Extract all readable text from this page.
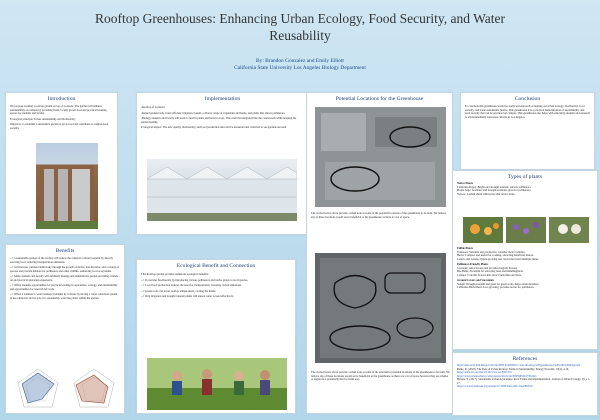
Rooftop Greenhouses: Enhancing Urban Ecology, Food Security, and Water
Reusability
By: Brandon Gonzalez and Emily Elliott
California State University Los Angeles Biology Department
Introduction

We propose creating a rooftop garden on top of La Kretz. The garden will enhance sustainability on campus by providing fresh, locally grown food and practical learning spaces for students and faculty.

Ecological principle: Urban sustainability and biodiversity

Objective: to establish a sustainable garden to grow food and contribute to campus food security.

Implementation

-Rooftop of La Kretz

-Raised garden beds, water-efficient irrigation system, a diverse range of vegetables and herbs, and plants that attract pollinators.

-Biology students and faculty will work to lead in plants and harvest crops. This could be integrated into the coursework while keeping the garden healthy.

Ecological impact: The new quality, biodiversity, and food production data will be measured and collected to see gardens succeed.

Potential Locations for the Greenhouse
The circled boxes above provide a small look at some of the potential locations of the greenhouse to be built. We believe any of these locations would serve beneficial to the greenhouse as there is a lot of space.
The circled boxes above provide a small look at some of the alternative potential locations of the greenhouse to be built. We believe any of these locations would serve beneficial to the greenhouse as there are a lot of space however they are smaller or angled in a potentially hard to build way.
Conclusion
To conclude this greenhouse would be really in items such as helping our urban ecology, biodiversity, food security, and water-sustainable justice. This greenhouse it is a practical demonstration of sustainability and food security that can be practiced on campus. This greenhouse also helps with educating students and outreach to environmentally conscious citizens in Los Angeles.
Types of plants
Native Plants
California Poppy: Bright and drought-tolerant, attracts pollinators.
Purple Sage: Aromatic and drought-resistant, great for pollinators.
Yarrow: A small shrub with leaves that attract birds.
Edible Plants
Tomatoes: Versatile and productive, consider dwarf varieties.
Herbs: Compact and useful for cooking, attracting beneficial insects.
Lettuce and Greens: Quick-growing and can be harvested multiple times.
Pollinator-Friendly Plants
Lavender: Attracts bees and provides fragrant flowers.
Bee Balm: Excellent for attracting bees and hummingbirds.
Cosmos: Colorful flowers that attract butterflies and bees.
Ground Covers and Succulents
Sedum: Drought-tolerant and great for green roofs, helps retain moisture.
California Buckwheat: Low-growing, provides nectar for pollinators.
Benefits

--> a sustainable garden on the rooftop will reduce the campus's carbon footprint by directly sourcing food, reducing transportation emissions.

--> will increase campus biodiversity through the growth of native, non-invasive, and a variety of species and provide habitats for pollinators and other wildlife, enhancing local ecosystems.

--> Many students and faculty will definitely manage and maintain the garden providing a hands-on and practical education experience.

--> Offers students opportunities for practical learning in agriculture, ecology, and sustainability and opportunities for research lab work.

--> Offers a solution to water leakage problems in La Kretz by having a water collection system to use rainwater and recycle it to sustainably water the plants within the garden.

Ecological Benefit and Connection

This Rooftop garden provides numerous ecological benefits:

--> It provides biodiversity by introducing various pollinators and native plants to local species.

--> Local food production reduces the need for transportation, lowering carbon emissions.

--> Green roofs can lower rooftop temperatures, cooling the inside.

--> Drip irrigation and drought tolerant plants will ensure water is used effectively.

References
https://pmc.ncbi.nlm.nih.gov/articles/PMC9142838/#:~:text=Rooftop%20greenhouses%20with%20integrated
Benis, K. (2018). The Role of Urban Rooftop Farms in Sustainability. Energy Procedia, 10(4), 4-16.
https://pubs.acs.org/doi/10.1021/acs.est.8b01354
https://www.sciencedirect.com/science/article/pii/S0959652617302421
Harada, Y. (2017). Sustainable Urban Agriculture: Roof Farms and Implementation. Journal of Urban Ecology, 3(1), 1-17.
https://www.frontiersin.org/articles/10.3389/fsufs.2021.642289/full
